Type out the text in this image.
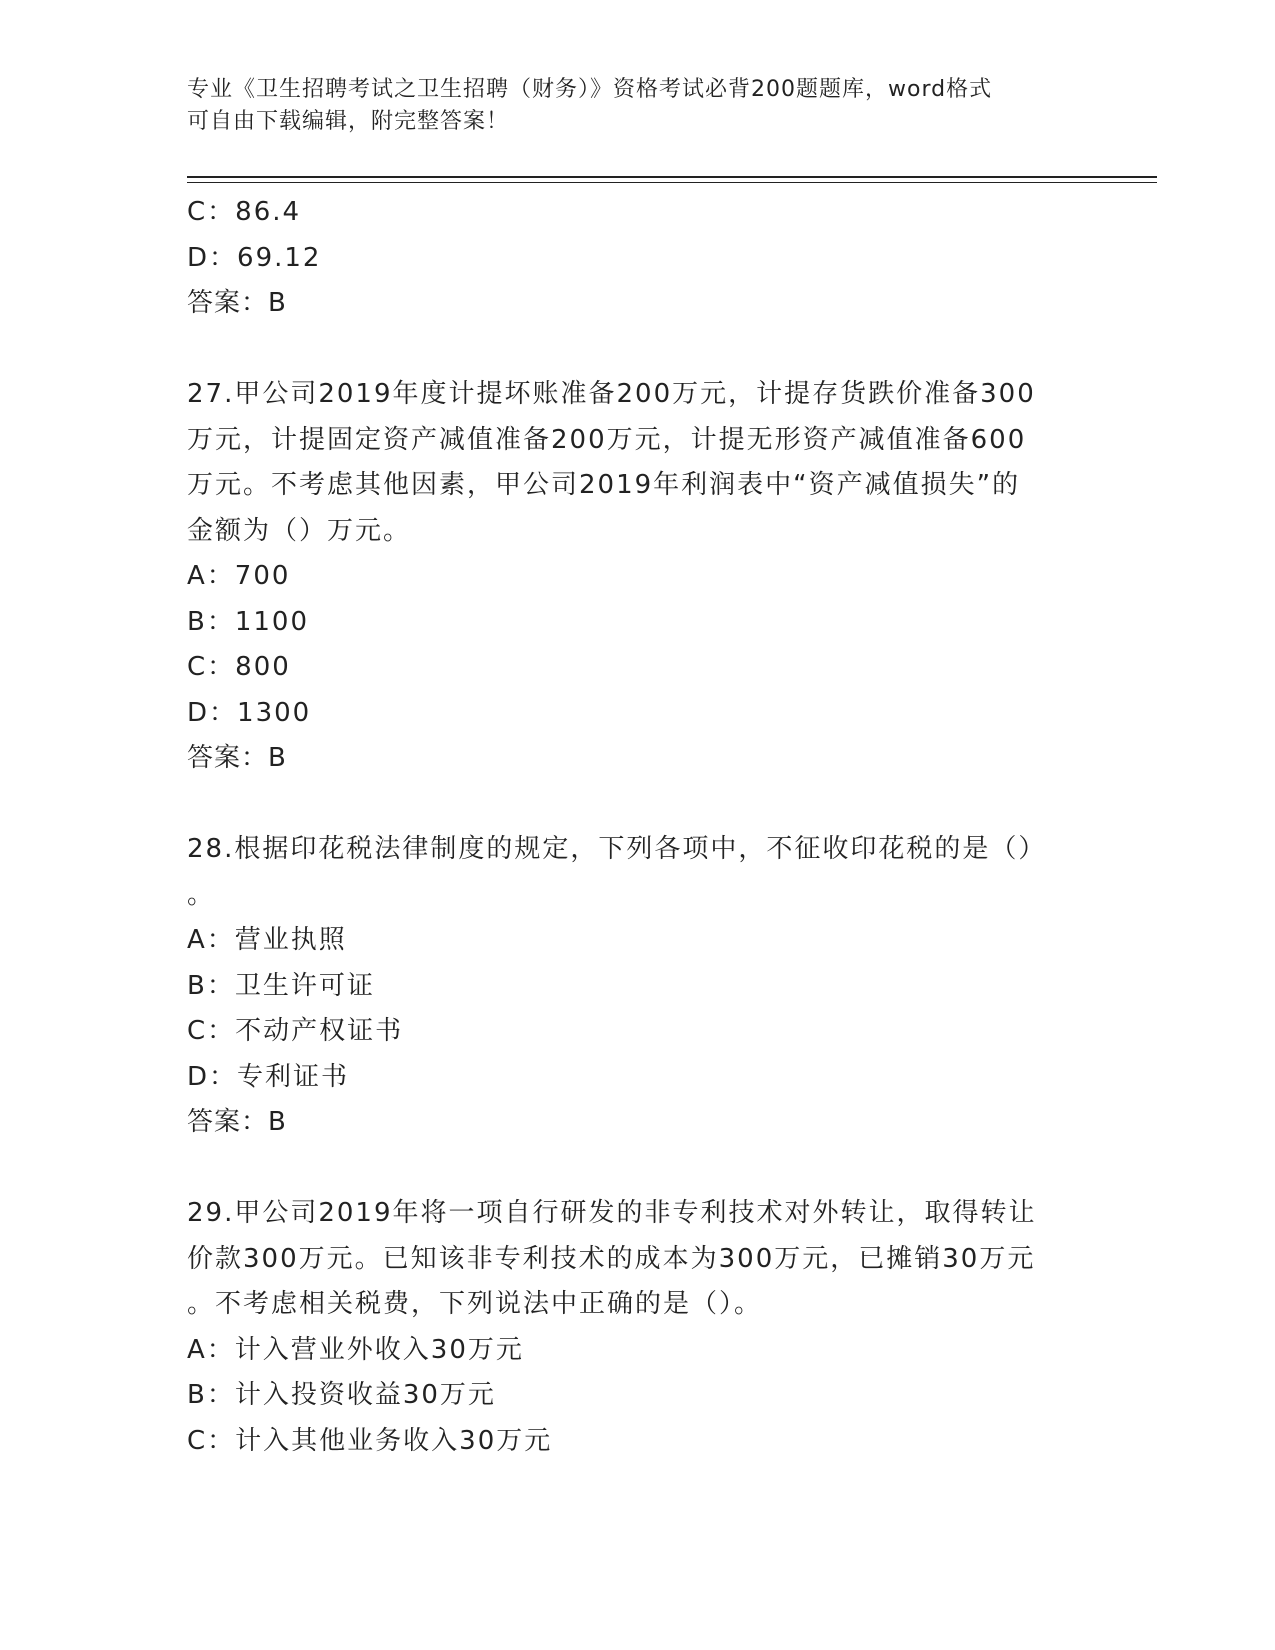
专业《卫生招聘考试之卫生招聘（财务）》资格考试必背200题题库，word格式
可自由下载编辑，附完整答案！
C：86.4
D：69.12
答案：B
27.甲公司2019年度计提坏账准备200万元，计提存货跌价准备300
万元，计提固定资产减值准备200万元，计提无形资产减值准备600
万元。不考虑其他因素，甲公司2019年利润表中“资产减值损失”的
金额为（）万元。
A：700
B：1100
C：800
D：1300
答案：B
28.根据印花税法律制度的规定，下列各项中，不征收印花税的是（）
。
A：营业执照
B：卫生许可证
C：不动产权证书
D：专利证书
答案：B
29.甲公司2019年将一项自行研发的非专利技术对外转让，取得转让
价款300万元。已知该非专利技术的成本为300万元，已摊销30万元
。不考虑相关税费，下列说法中正确的是（）。
A：计入营业外收入30万元
B：计入投资收益30万元
C：计入其他业务收入30万元
